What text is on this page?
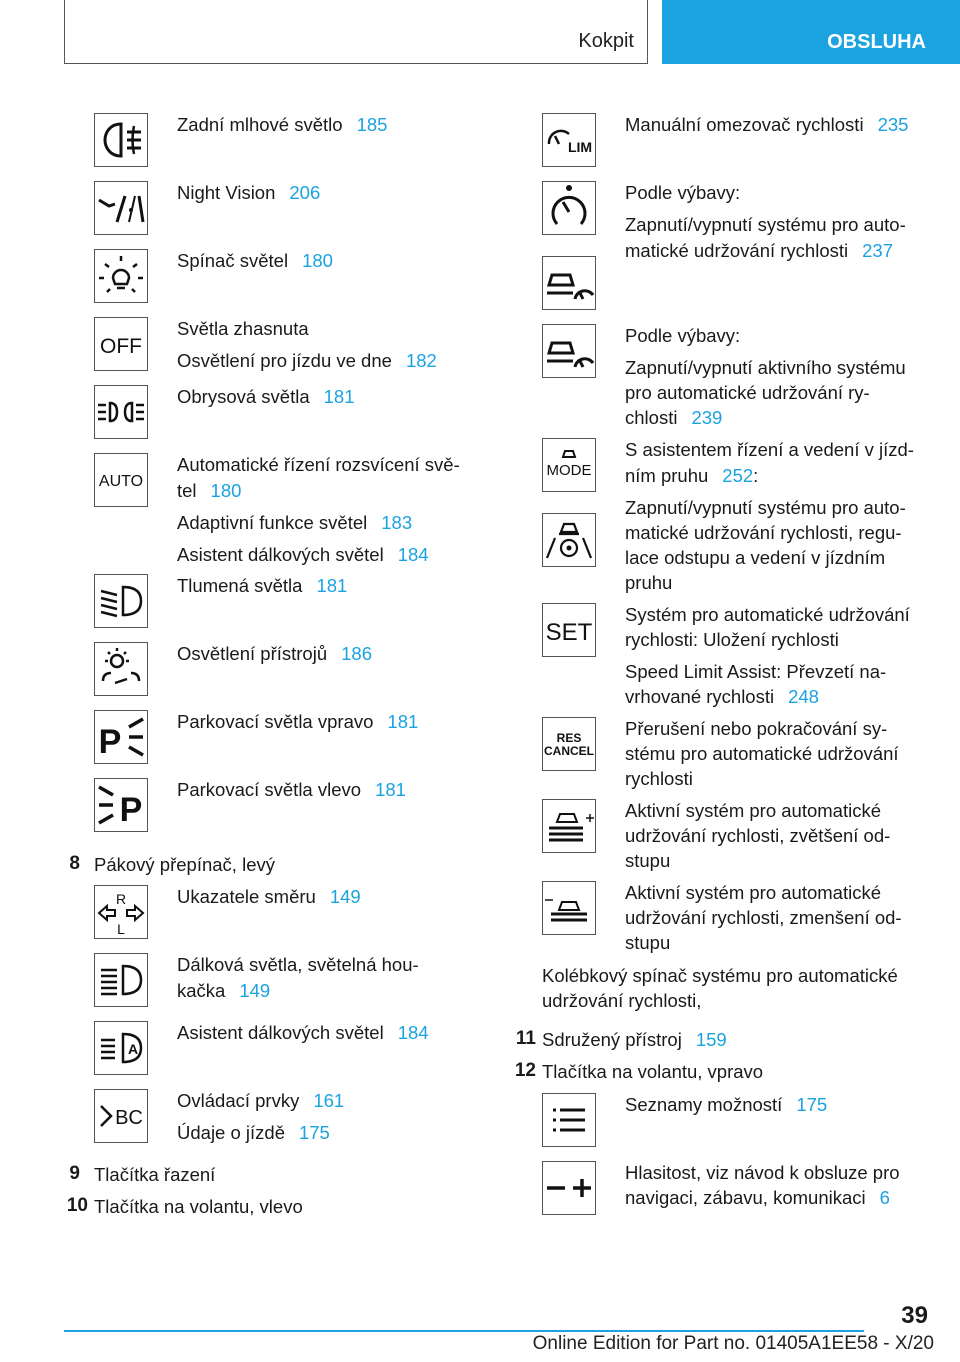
Kokpit	OBSLUHA
Zadní mlhové světlo 185
Night Vision 206
Spínač světel 180
OFF
Světla zhasnuta
Osvětlení pro jízdu ve dne 182
Obrysová světla 181
AUTO
Automatické řízení rozsvícení svě-
tel 180
Adaptivní funkce světel 183
Asistent dálkových světel 184
Tlumená světla 181
Osvětlení přístrojů 186
P
Parkovací světla vpravo 181
P
Parkovací světla vlevo 181
8 Pákový přepínač, levý
R
L
Ukazatele směru 149
Dálková světla, světelná hou-
kačka 149
A
Asistent dálkových světel 184
BC
Ovládací prvky 161
Údaje o jízdě 175
9 Tlačítka řazení
10 Tlačítka na volantu, vlevo
LIM
Manuální omezovač rychlosti 235
Podle výbavy:
Zapnutí/vypnutí systému pro auto-
matické udržování rychlosti 237
Podle výbavy:
Zapnutí/vypnutí aktivního systému
pro automatické udržování ry-
chlosti 239
MODE
S asistentem řízení a vedení v jízd-
ním pruhu 252:
Zapnutí/vypnutí systému pro auto-
matické udržování rychlosti, regu-
lace odstupu a vedení v jízdním
pruhu
SET
Systém pro automatické udržování
rychlosti: Uložení rychlosti
Speed Limit Assist: Převzetí na-
vrhované rychlosti 248
RES
CANCEL
Přerušení nebo pokračování sy-
stému pro automatické udržování
rychlosti
Aktivní systém pro automatické
udržování rychlosti, zvětšení od-
stupu
Aktivní systém pro automatické
udržování rychlosti, zmenšení od-
stupu
Kolébkový spínač systému pro automatické
udržování rychlosti,
11 Sdružený přístroj 159
12 Tlačítka na volantu, vpravo
Seznamy možností 175
Hlasitost, viz návod k obsluze pro
navigaci, zábavu, komunikaci 6
39
Online Edition for Part no. 01405A1EE58 - X/20
